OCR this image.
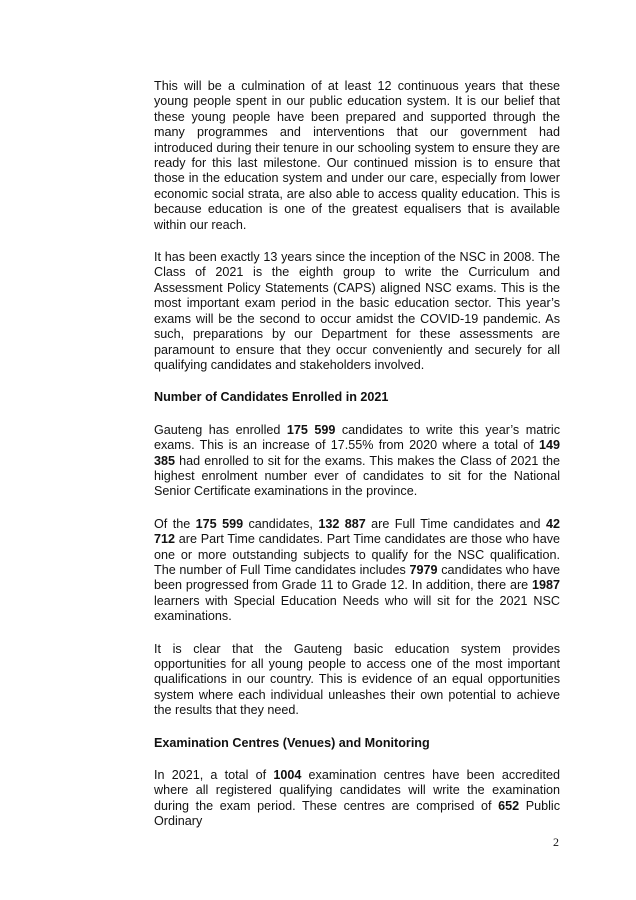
This will be a culmination of at least 12 continuous years that these young people spent in our public education system. It is our belief that these young people have been prepared and supported through the many programmes and interventions that our government had introduced during their tenure in our schooling system to ensure they are ready for this last milestone. Our continued mission is to ensure that those in the education system and under our care, especially from lower economic social strata, are also able to access quality education. This is because education is one of the greatest equalisers that is available within our reach.

It has been exactly 13 years since the inception of the NSC in 2008. The Class of 2021 is the eighth group to write the Curriculum and Assessment Policy Statements (CAPS) aligned NSC exams. This is the most important exam period in the basic education sector. This year’s exams will be the second to occur amidst the COVID-19 pandemic. As such, preparations by our Department for these assessments are paramount to ensure that they occur conveniently and securely for all qualifying candidates and stakeholders involved.

Number of Candidates Enrolled in 2021

Gauteng has enrolled 175 599 candidates to write this year’s matric exams. This is an increase of 17.55% from 2020 where a total of 149 385 had enrolled to sit for the exams. This makes the Class of 2021 the highest enrolment number ever of candidates to sit for the National Senior Certificate examinations in the province.

Of the 175 599 candidates, 132 887 are Full Time candidates and 42 712 are Part Time candidates. Part Time candidates are those who have one or more outstanding subjects to qualify for the NSC qualification. The number of Full Time candidates includes 7979 candidates who have been progressed from Grade 11 to Grade 12. In addition, there are 1987 learners with Special Education Needs who will sit for the 2021 NSC examinations.

It is clear that the Gauteng basic education system provides opportunities for all young people to access one of the most important qualifications in our country. This is evidence of an equal opportunities system where each individual unleashes their own potential to achieve the results that they need.

Examination Centres (Venues) and Monitoring

In 2021, a total of 1004 examination centres have been accredited where all registered qualifying candidates will write the examination during the exam period. These centres are comprised of 652 Public Ordinary

2
